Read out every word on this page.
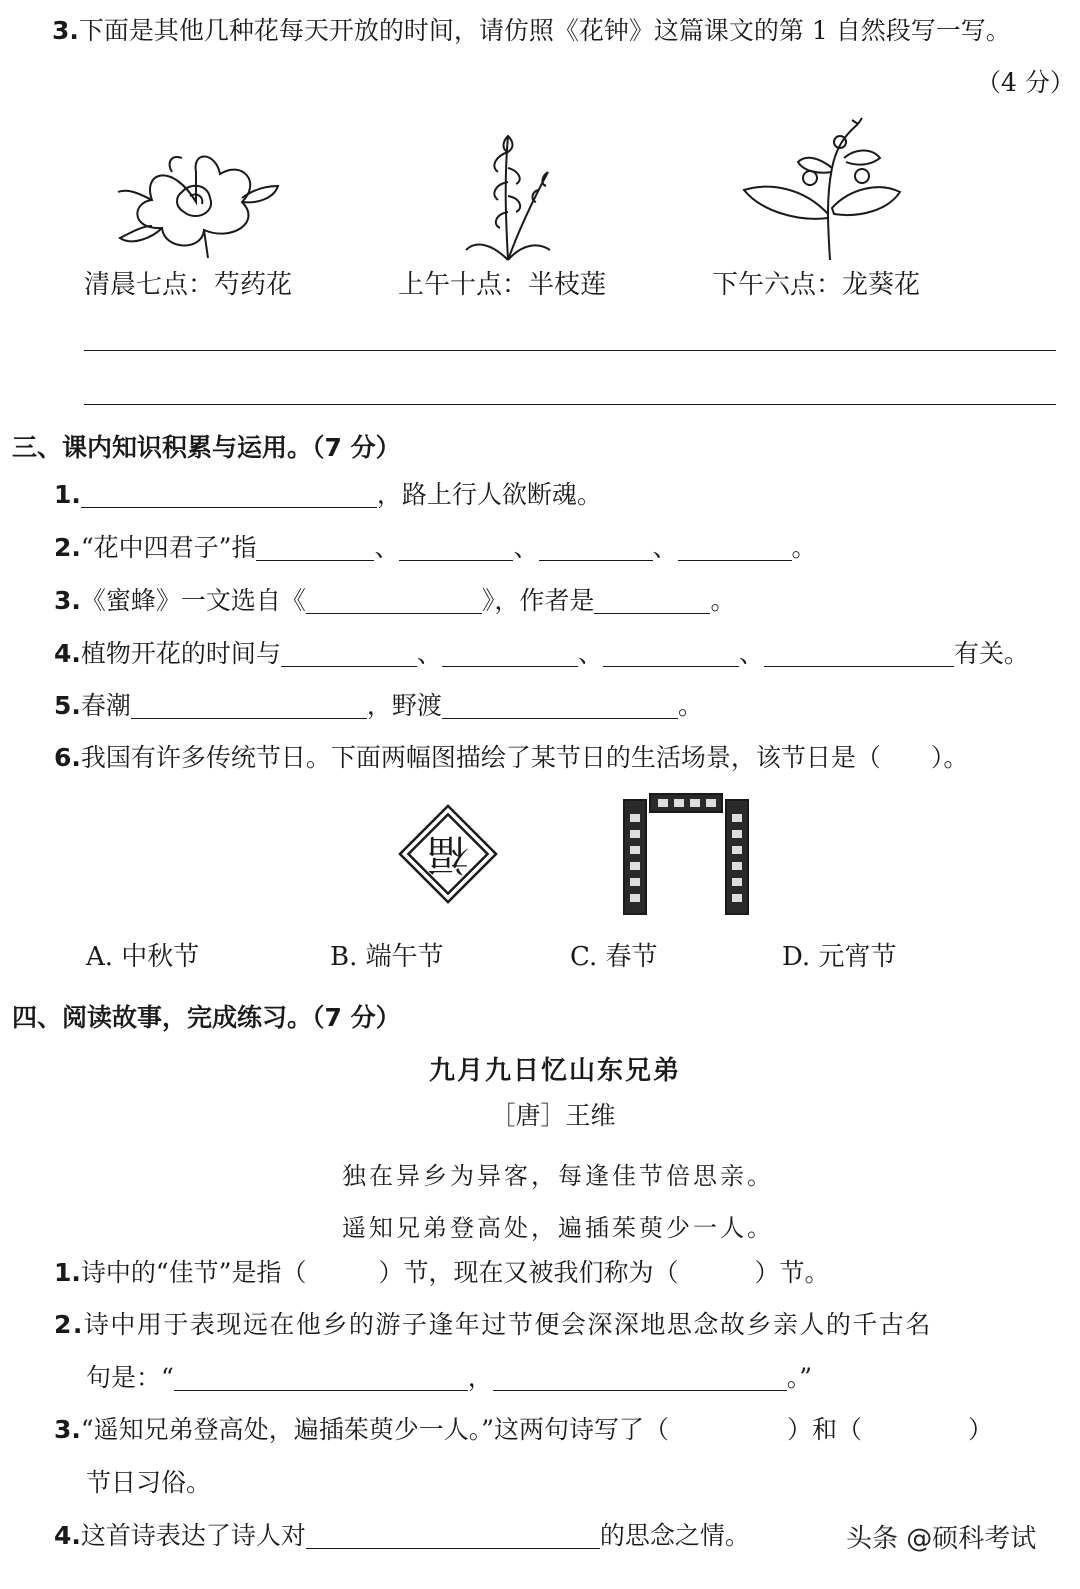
3.下面是其他几种花每天开放的时间，请仿照《花钟》这篇课文的第 1 自然段写一写。
（4 分）
清晨七点：芍药花	上午十点：半枝莲	下午六点：龙葵花
三、课内知识积累与运用。（7 分）
1.	，路上行人欲断魂。
2.“花中四君子”指	、	、	、	。
3.《蜜蜂》一文选自《	》，作者是	。
4.植物开花的时间与	、	、	、	有关。
5.春潮	，野渡	。
6.我国有许多传统节日。下面两幅图描绘了某节日的生活场景，该节日是（　　）。
福
A. 中秋节	B. 端午节	C. 春节	D. 元宵节
四、阅读故事，完成练习。（7 分）
九月九日忆山东兄弟
［唐］王维
独在异乡为异客，每逢佳节倍思亲。
遥知兄弟登高处，遍插茱萸少一人。
1.诗中的“佳节”是指（	）节，现在又被我们称为（	）节。
2.诗中用于表现远在他乡的游子逢年过节便会深深地思念故乡亲人的千古名
句是：“	，	。”
3.“遥知兄弟登高处，遍插茱萸少一人。”这两句诗写了（	）和（	）
节日习俗。
4.这首诗表达了诗人对	的思念之情。	头条 @硕科考试
